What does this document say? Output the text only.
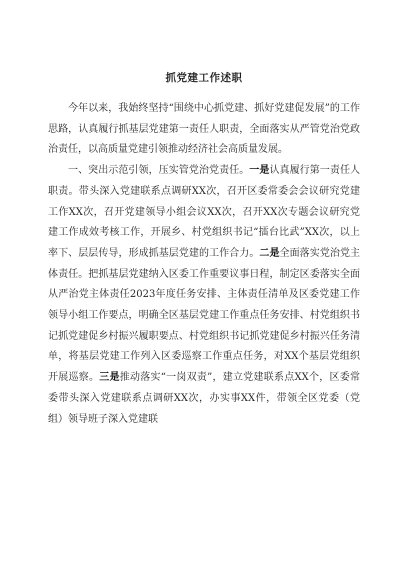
抓党建工作述职

今年以来，我始终坚持“围绕中心抓党建、抓好党建促发展”的工作思路，认真履行抓基层党建第一责任人职责，全面落实从严管党治党政治责任，以高质量党建引领推动经济社会高质量发展。

一、突出示范引领，压实管党治党责任。一是认真履行第一责任人职责。带头深入党建联系点调研XX次，召开区委常委会会议研究党建工作XX次，召开党建领导小组会议XX次，召开XX次专题会议研究党建工作成效考核工作，开展乡、村党组织书记“擂台比武”XX次，以上率下、层层传导，形成抓基层党建的工作合力。二是全面落实党治党主体责任。把抓基层党建纳入区委工作重要议事日程，制定区委落实全面从严治党主体责任2023年度任务安排、主体责任清单及区委党建工作领导小组工作要点，明确全区基层党建工作重点任务安排、村党组织书记抓党建促乡村振兴履职要点、村党组织书记抓党建促乡村振兴任务清单，将基层党建工作列入区委巡察工作重点任务，对XX个基层党组织开展巡察。三是推动落实“一岗双责”，建立党建联系点XX个，区委常委带头深入党建联系点调研XX次，办实事XX件，带领全区党委（党组）领导班子深入党建联
